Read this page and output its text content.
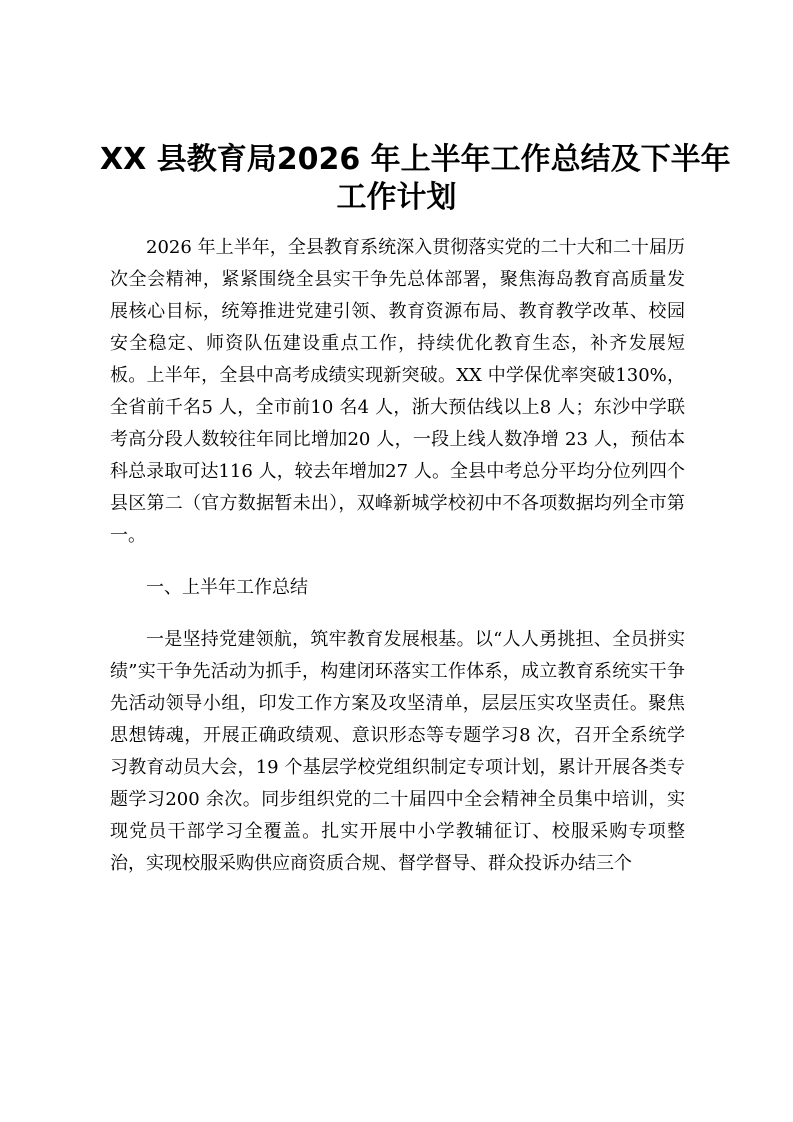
XX 县教育局2026 年上半年工作总结及下半年
工作计划

2026 年上半年，全县教育系统深入贯彻落实党的二十大和二十届历次全会精神，紧紧围绕全县实干争先总体部署，聚焦海岛教育高质量发展核心目标，统筹推进党建引领、教育资源布局、教育教学改革、校园安全稳定、师资队伍建设重点工作，持续优化教育生态，补齐发展短板。上半年，全县中高考成绩实现新突破。XX 中学保优率突破130%，全省前千名5 人，全市前10 名4 人，浙大预估线以上8 人；东沙中学联考高分段人数较往年同比增加20 人，一段上线人数净增 23 人，预估本科总录取可达116 人，较去年增加27 人。全县中考总分平均分位列四个县区第二（官方数据暂未出），双峰新城学校初中不各项数据均列全市第一。

一、上半年工作总结

一是坚持党建领航，筑牢教育发展根基。以“人人勇挑担、全员拼实绩”实干争先活动为抓手，构建闭环落实工作体系，成立教育系统实干争先活动领导小组，印发工作方案及攻坚清单，层层压实攻坚责任。聚焦思想铸魂，开展正确政绩观、意识形态等专题学习8 次，召开全系统学习教育动员大会，19 个基层学校党组织制定专项计划，累计开展各类专题学习200 余次。同步组织党的二十届四中全会精神全员集中培训，实现党员干部学习全覆盖。扎实开展中小学教辅征订、校服采购专项整治，实现校服采购供应商资质合规、督学督导、群众投诉办结三个
